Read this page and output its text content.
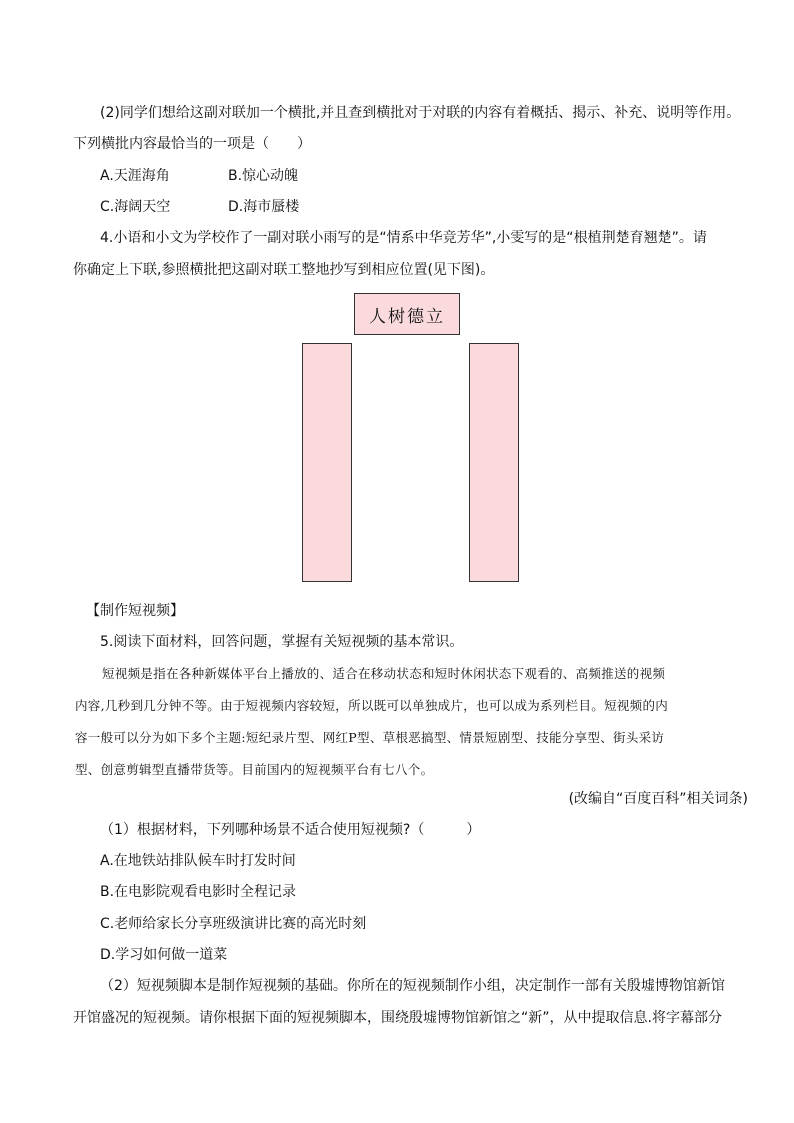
(2)同学们想给这副对联加一个横批,并且查到横批对于对联的内容有着概括、揭示、补充、说明等作用。
下列横批内容最恰当的一项是（　　）
A.天涯海角	B.惊心动魄
C.海阔天空	D.海市蜃楼
4.小语和小文为学校作了一副对联小雨写的是“情系中华竞芳华”,小雯写的是“根植荆楚育翘楚”。请
你确定上下联,参照横批把这副对联工整地抄写到相应位置(见下图)。
人树德立
【制作短视频】
5.阅读下面材料，回答问题，掌握有关短视频的基本常识。
短视频是指在各种新媒体平台上播放的、适合在移动状态和短时休闲状态下观看的、高频推送的视频
内容,几秒到几分钟不等。由于短视频内容较短，所以既可以单独成片，也可以成为系列栏目。短视频的内
容一般可以分为如下多个主题:短纪录片型、网红P型、草根恶搞型、情景短剧型、技能分享型、街头采访
型、创意剪辑型直播带货等。目前国内的短视频平台有七八个。
(改编自“百度百科”相关词条)
（1）根据材料，下列哪种场景不适合使用短视频?（　　　）
A.在地铁站排队候车时打发时间
B.在电影院观看电影时全程记录
C.老师给家长分享班级演讲比赛的高光时刻
D.学习如何做一道菜
（2）短视频脚本是制作短视频的基础。你所在的短视频制作小组，决定制作一部有关殷墟博物馆新馆
开馆盛况的短视频。请你根据下面的短视频脚本，围绕殷墟博物馆新馆之“新”，从中提取信息.将字幕部分
